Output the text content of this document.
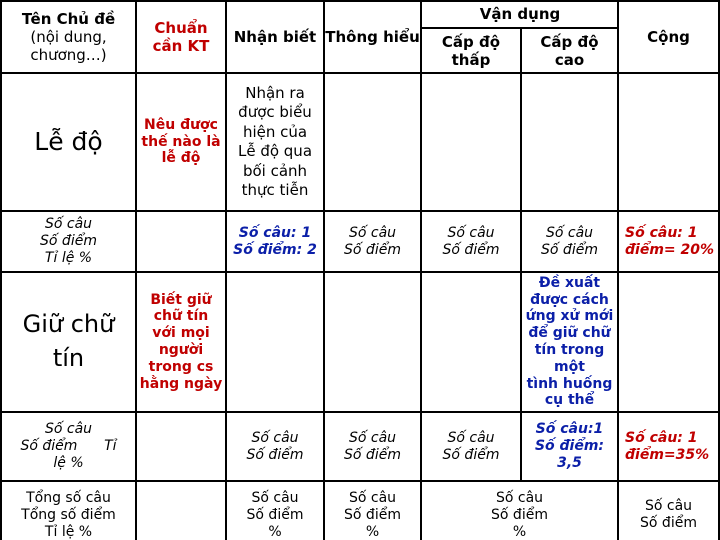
Tên Chủ đề
(nội dung,
chương…)
Chuẩn
cần KT Nhận biết Thông hiểu
Vận dụng
Cấp độ
thấp
Cấp độ
cao
Cộng
Lễ độ
Nêu được
thế nào là
lễ độ
Nhận ra
được biểu
hiện của
Lễ độ qua
bối cảnh
thực tiễn
Số câu
Số điểm
Tỉ lệ %
Số câu: 1
Số điểm: 2
Số câu
Số điểm
Số câu
Số điểm
Số câu
Số điểm
Số câu: 1
điểm= 20%
Giữ chữ
tín
Biết giữ
chữ tín
với mọi
người
trong cs
hằng ngày
Đề xuất
được cách
ứng xử mới
để giữ chữ
tín trong một
tình huống
cụ thể
Số câu
Số điểm      Tỉ
lệ %
Số câu
Số điểm
Số câu
Số điểm
Số câu
Số điểm
Số câu:1
Số điểm: 3,5
Số câu: 1
điểm=35%
Tổng số câu
Tổng số điểm
Tỉ lệ %
Số câu
Số điểm
%
Số câu
Số điểm
%
Số câu
Số điểm
%
Số câu
Số điểm
